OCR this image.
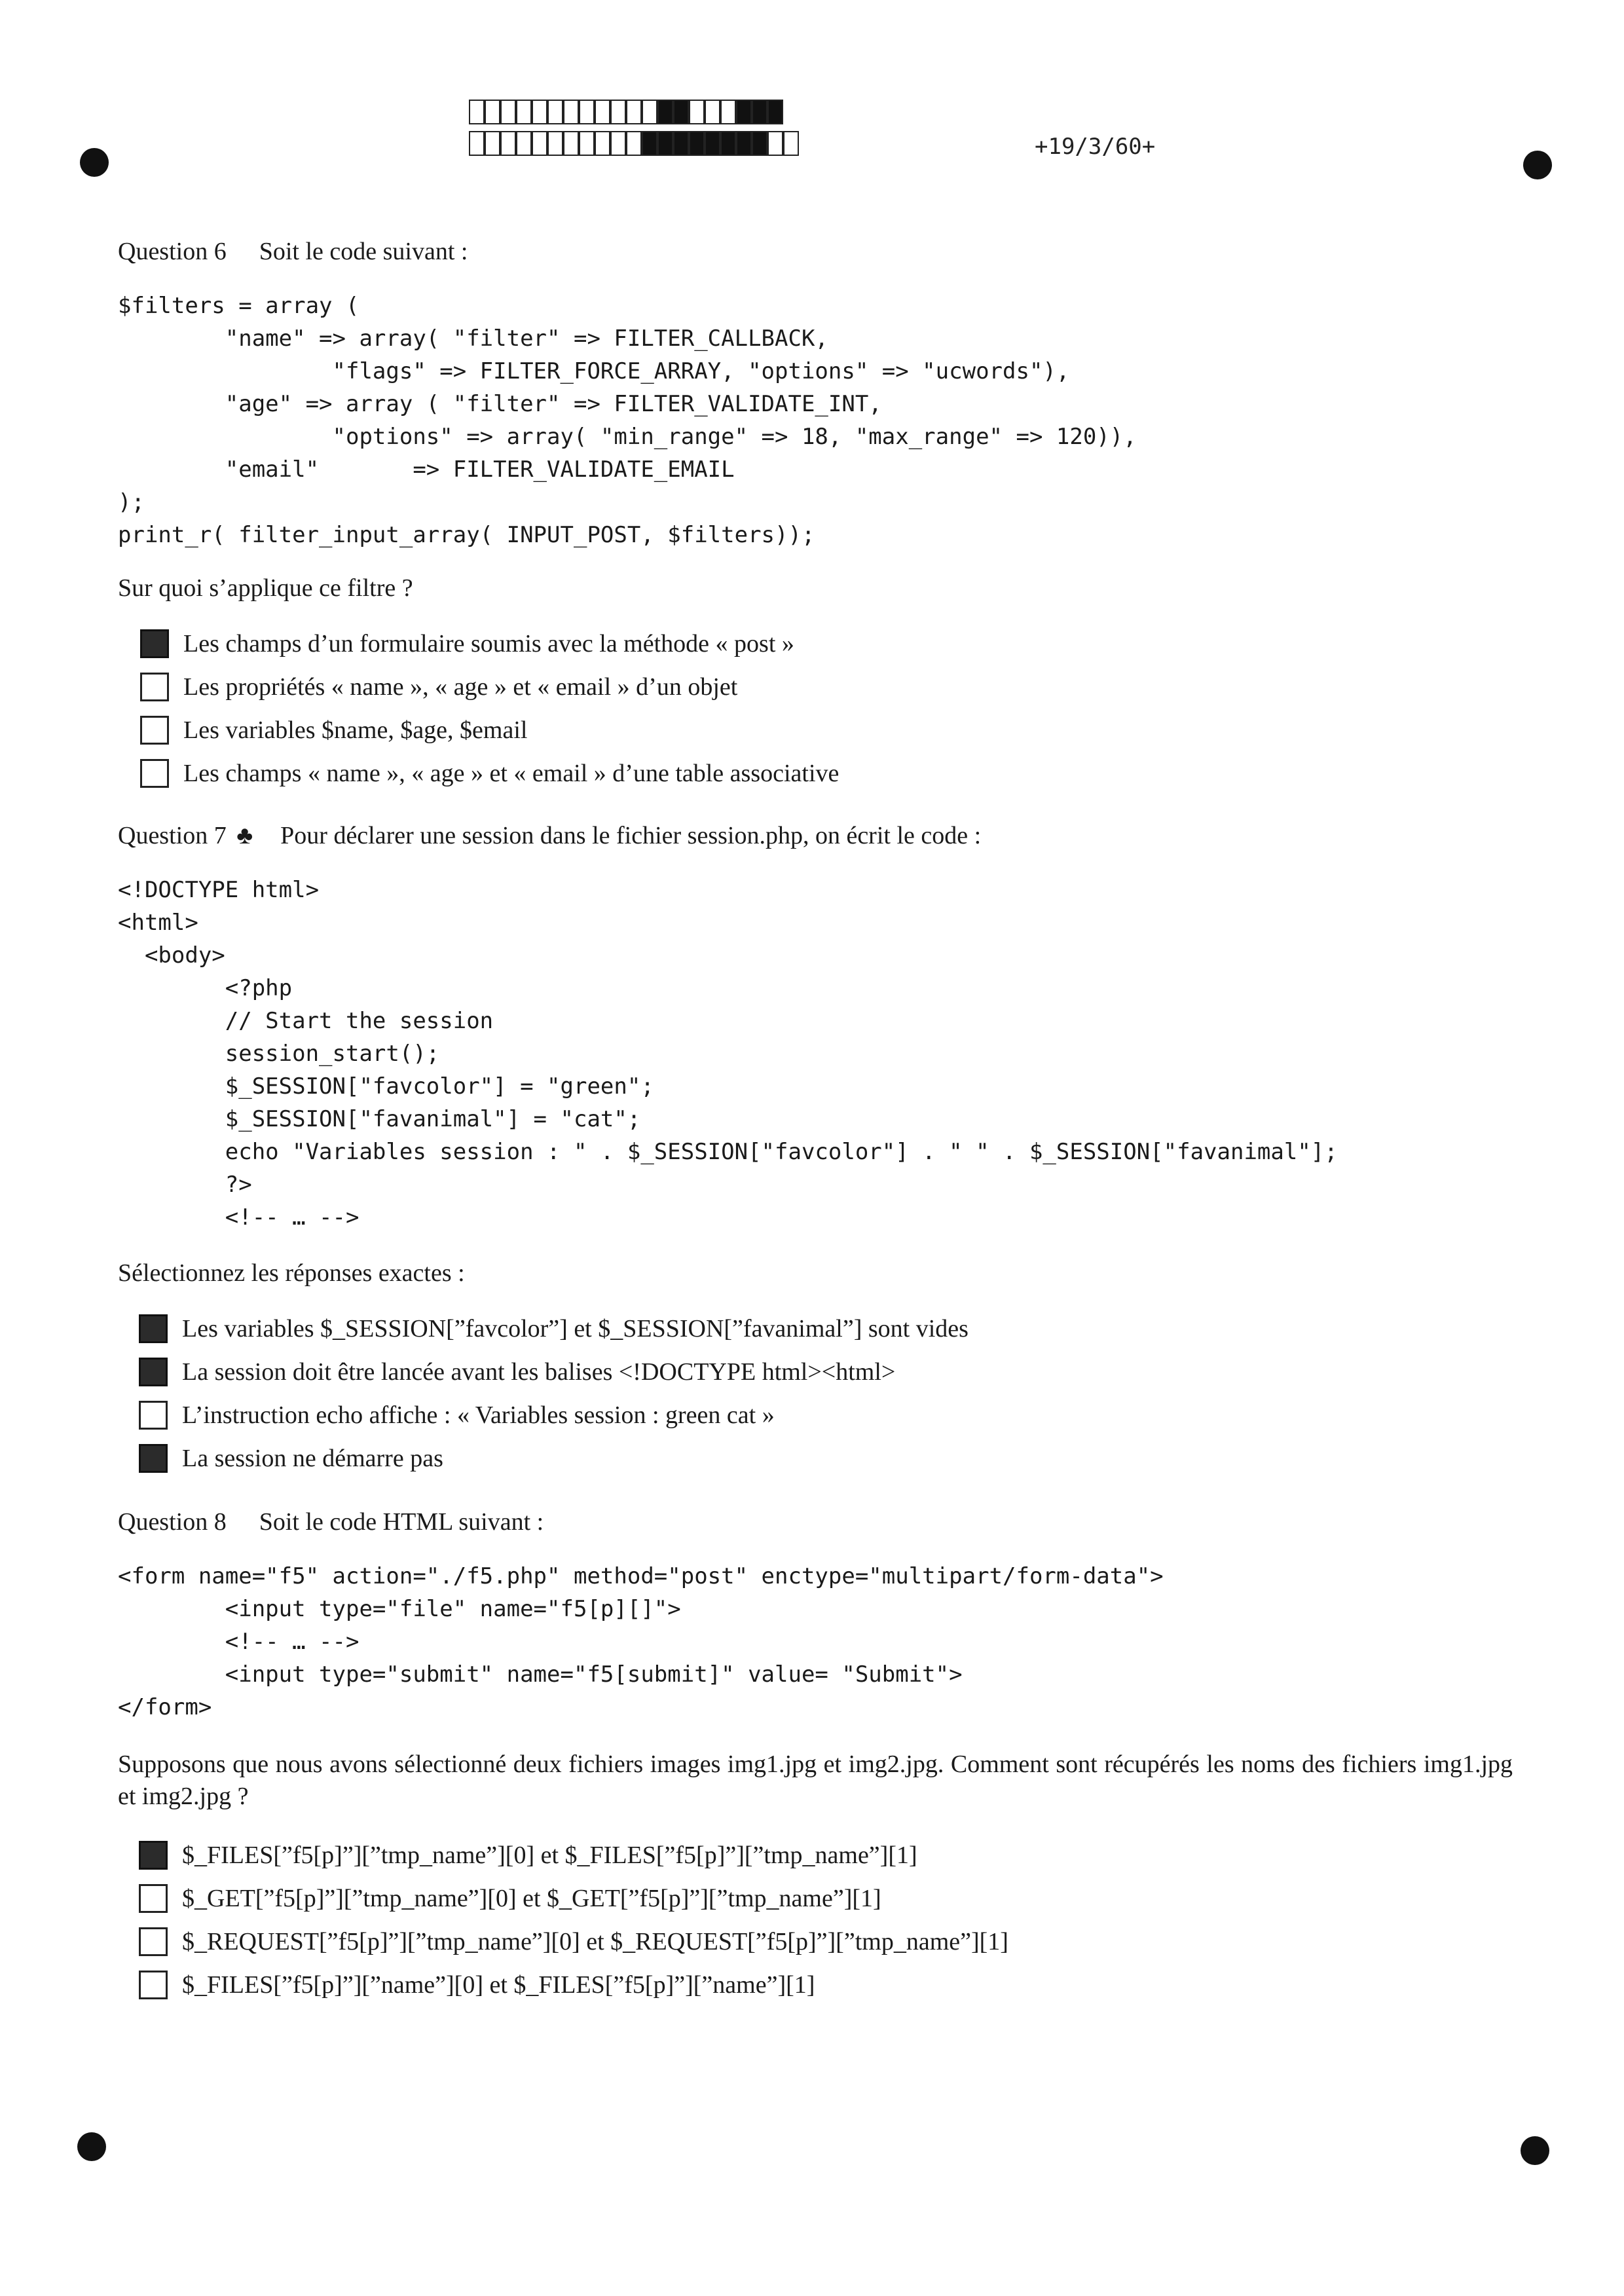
+19/3/60+
Question 6 Soit le code suivant :
$filters = array (
"name" => array( "filter" => FILTER_CALLBACK,
"flags" => FILTER_FORCE_ARRAY, "options" => "ucwords"),
"age" => array ( "filter" => FILTER_VALIDATE_INT,
"options" => array( "min_range" => 18, "max_range" => 120)),
"email"       => FILTER_VALIDATE_EMAIL
);
print_r( filter_input_array( INPUT_POST, $filters));
Sur quoi s’applique ce filtre ?
Les champs d’un formulaire soumis avec la méthode « post »
Les propriétés « name », « age » et « email » d’un objet
Les variables $name, $age, $email
Les champs « name », « age » et « email » d’une table associative
Question 7 ♣ Pour déclarer une session dans le fichier session.php, on écrit le code :
<!DOCTYPE html>
<html>
<body>
<?php
// Start the session
session_start();
$_SESSION["favcolor"] = "green";
$_SESSION["favanimal"] = "cat";
echo "Variables session : " . $_SESSION["favcolor"] . " " . $_SESSION["favanimal"];
?>
<!-- … -->
Sélectionnez les réponses exactes :
Les variables $_SESSION[”favcolor”] et $_SESSION[”favanimal”] sont vides
La session doit être lancée avant les balises <!DOCTYPE html><html>
L’instruction echo affiche : « Variables session : green cat »
La session ne démarre pas
Question 8 Soit le code HTML suivant :
<form name="f5" action="./f5.php" method="post" enctype="multipart/form-data">
<input type="file" name="f5[p][]">
<!-- … -->
<input type="submit" name="f5[submit]" value= "Submit">
</form>
Supposons que nous avons sélectionné deux fichiers images img1.jpg et img2.jpg. Comment sont récupérés les noms des fichiers img1.jpg et img2.jpg ?
$_FILES[”f5[p]”][”tmp_name”][0] et $_FILES[”f5[p]”][”tmp_name”][1]
$_GET[”f5[p]”][”tmp_name”][0] et $_GET[”f5[p]”][”tmp_name”][1]
$_REQUEST[”f5[p]”][”tmp_name”][0] et $_REQUEST[”f5[p]”][”tmp_name”][1]
$_FILES[”f5[p]”][”name”][0] et $_FILES[”f5[p]”][”name”][1]
